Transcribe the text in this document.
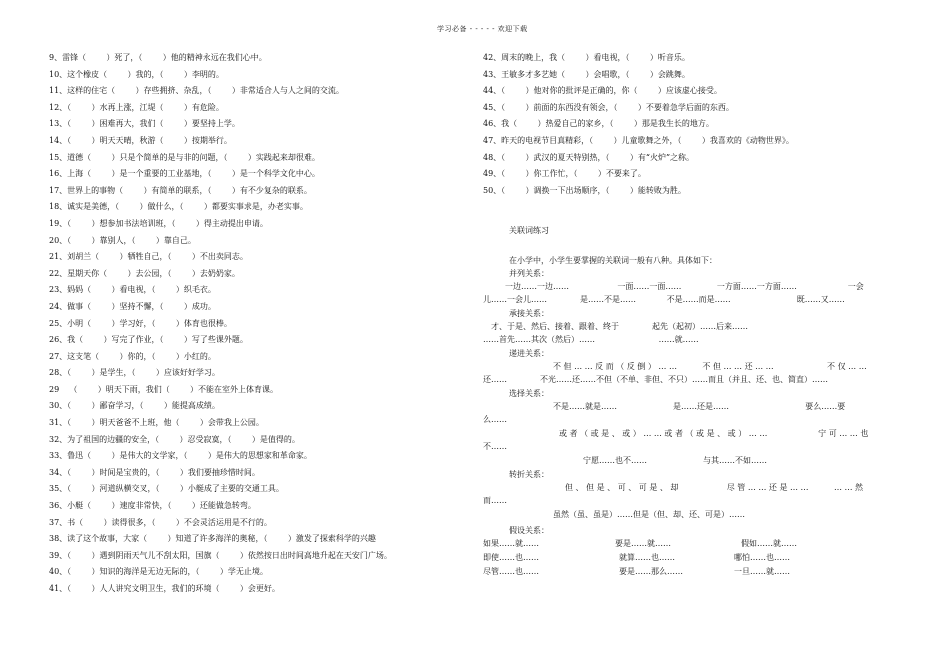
学习必备 - - - - - 欢迎下载
9、雷锋（        ）死了，（        ）他的精神永远在我们心中。
10、这个橡皮（        ）我的，（        ）李明的。
11、这样的住宅（        ）存些拥挤、杂乱，（        ）非常适合人与人之间的交流。
12、（        ）水再上涨，江堤（        ）有危险。
13、（        ）困难再大，我们（        ）要坚持上学。
14、（        ）明天天晴，秋游（        ）按期举行。
15、道德（        ）只是个简单的是与非的问题，（        ）实践起来却很难。
16、上海（        ）是一个重要的工业基地，（        ）是一个科学文化中心。
17、世界上的事物（        ）有简单的联系，（        ）有不少复杂的联系。
18、诚实是美德，（        ）做什么，（        ）都要实事求是，办老实事。
19、（        ）想参加书法培训班，（        ）得主动提出申请。
20、（        ）靠别人，（        ）靠自己。
21、刘胡兰（        ）牺牲自己，（        ）不出卖同志。
22、星期天你（        ）去公园，（        ）去奶奶家。
23、妈妈（        ）看电视，（        ）织毛衣。
24、做事（        ）坚持不懈，（        ）成功。
25、小明（        ）学习好，（        ）体育也很棒。
26、我（        ）写完了作业，（        ）写了些课外题。
27、这支笔（        ）你的，（        ）小红的。
28、（        ）是学生，（        ）应该好好学习。
29    （        ）明天下雨，我们（        ）不能在室外上体育课。
30、（        ）鄙奋学习，（        ）能提高成绩。
31、（        ）明天爸爸不上班，他（        ）会带我上公园。
32、为了祖国的边疆的安全，（        ）忍受寂寞，（        ）是值得的。
33、鲁迅（        ）是伟大的文学家，（        ）是伟大的思想家和革命家。
34、（        ）时间是宝贵的，（        ）我们要抽珍惜时间。
35、（        ）河道纵横交叉，（        ）小艇成了主要的交通工具。
36、小艇（        ）速度非常快，（        ）还能做急转弯。
37、书（        ）读得很多，（        ）不会灵活运用是不行的。
38、读了这个故事，大家（        ）知道了许多海洋的奥秘，（        ）激发了探索科学的兴趣
39、（        ）遇到阴雨天气儿不刮太阳，国旗（        ）依然按日出时间高地升起在天安门广场。
40、（        ）知识的海洋是无边无际的，（        ）学无止境。
41、（        ）人人讲究文明卫生，我们的环境（        ）会更好。
42、周末的晚上，我（        ）看电视，（        ）听音乐。
43、王敏多才多艺她（        ）会唱歌，（        ）会跳舞。
44、（        ）他对你的批评是正确的，你（        ）应该虚心接受。
45、（        ）前面的东西没有领会，（        ）不要着急学后面的东西。
46、我（        ）热爱自己的家乡，（        ）那是我生长的地方。
47、昨天的电视节目真精彩，（        ）儿童歌舞之外，（        ）我喜欢的《动物世界》。
48、（        ）武汉的夏天特别热，（        ）有“火炉”之称。
49、（        ）你工作忙，（        ）不要来了。
50、（        ）调换一下出场顺序，（        ）能转败为胜。
关联词练习
在小学中，小学生要掌握的关联词一般有八种。具体如下：
并列关系：
一边……一边……                   一面……一面……              一方面……一方面……                    一会
儿……一会儿……             是……不是……            不是……而是……                          既……又……
承接关系：
才、于是、然后、接着、跟着、终于             起先（起初）……后来……
……首先……其次（然后）……                         ……就……
递进关系：
不 但 … … 反 而 （ 反 倒 ） … …          不 但 … … 还 … …                     不 仅 … …
还……             不光……还……不但（不单、非但、不只）……而且（并且、还、也、简直）……
选择关系：
不是……就是……                      是……还是……                              要么……要
么……
或 者 （ 或 是 、 或 ） … … 或 者 （ 或 是 、 或 ） … …                    宁 可 … … 也
不……
宁愿……也不……                      与其……不如……
转折关系：
但 、 但 是 、 可 、 可 是 、 却                   尽 管 … … 还 是 … …          … … 然
而……
虽然（虽、虽是）……但是（但、却、还、可是）……
假设关系：
如果……就……	要是……就……	假如……就……
即使……也……	就算……也……	哪怕……也……
尽管……也……	要是……那么……	一旦……就……
